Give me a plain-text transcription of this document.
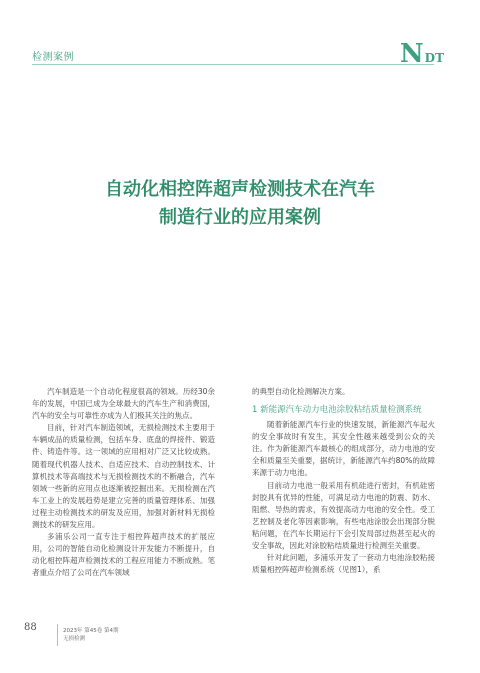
检测案例	N DT
自动化相控阵超声检测技术在汽车
制造行业的应用案例

汽车制造是一个自动化程度很高的领域。历经30余年的发展，中国已成为全球最大的汽车生产和消费国，汽车的安全与可靠性亦成为人们极其关注的焦点。

目前，针对汽车制造领域，无损检测技术主要用于车辆成品的质量检测，包括车身、底盘的焊接件、锻造件、铸造件等。这一领域的应用相对广泛又比较成熟。随着现代机器人技术、自适应技术、自动控制技术、计算机技术等高端技术与无损检测技术的不断融合，汽车领域一些新的应用点也逐渐被挖掘出来。无损检测在汽车工业上的发展趋势是建立完善的质量管理体系、加强过程主动检测技术的研发及应用，加强对新材料无损检测技术的研发应用。

多浦乐公司一直专注于相控阵超声技术的扩展应用，公司的智能自动化检测设计开发能力不断提升，自动化相控阵超声检测技术的工程应用能力不断成熟。笔者重点介绍了公司在汽车领域

的典型自动化检测解决方案。

1 新能源汽车动力电池涂胶粘结质量检测系统

随着新能源汽车行业的快速发展，新能源汽车起火的安全事故时有发生，其安全性越来越受到公众的关注。作为新能源汽车最核心的组成部分，动力电池的安全和质量至关重要，据统计，新能源汽车约80%的故障来源于动力电池。

目前动力电池一般采用有机硅进行密封，有机硅密封胶具有优异的性能，可满足动力电池的防震、防水、阻燃、导热的需求，有效提高动力电池的安全性。受工艺控制及老化等因素影响，有些电池涂胶会出现部分脱粘问题，在汽车长期运行下会引发局部过热甚至起火的安全事故，因此对涂胶粘结质量进行检测至关重要。

针对此问题，多浦乐开发了一套动力电池涂胶粘接质量相控阵超声检测系统（见图1），系

88	2023年 第45卷 第4期
无损检测
